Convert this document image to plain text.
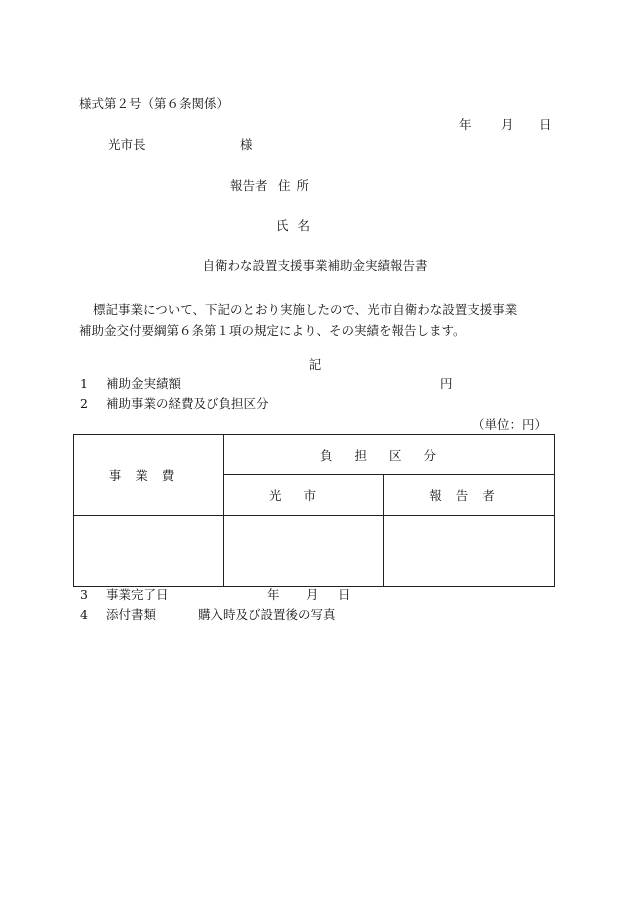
様式第２号（第６条関係）
年 月 日
光市長	様
報告者 住所
氏名
自衛わな設置支援事業補助金実績報告書

標記事業について、下記のとおり実施したので、光市自衛わな設置支援事業

補助金交付要綱第６条第１項の規定により、その実績を報告します。

記
1 補助金実績額	円
2 補助事業の経費及び負担区分
（単位：円）
事業費	負担区分	
	光市	報告者

3 事業完了日	年 月 日
4 添付書類	購入時及び設置後の写真
